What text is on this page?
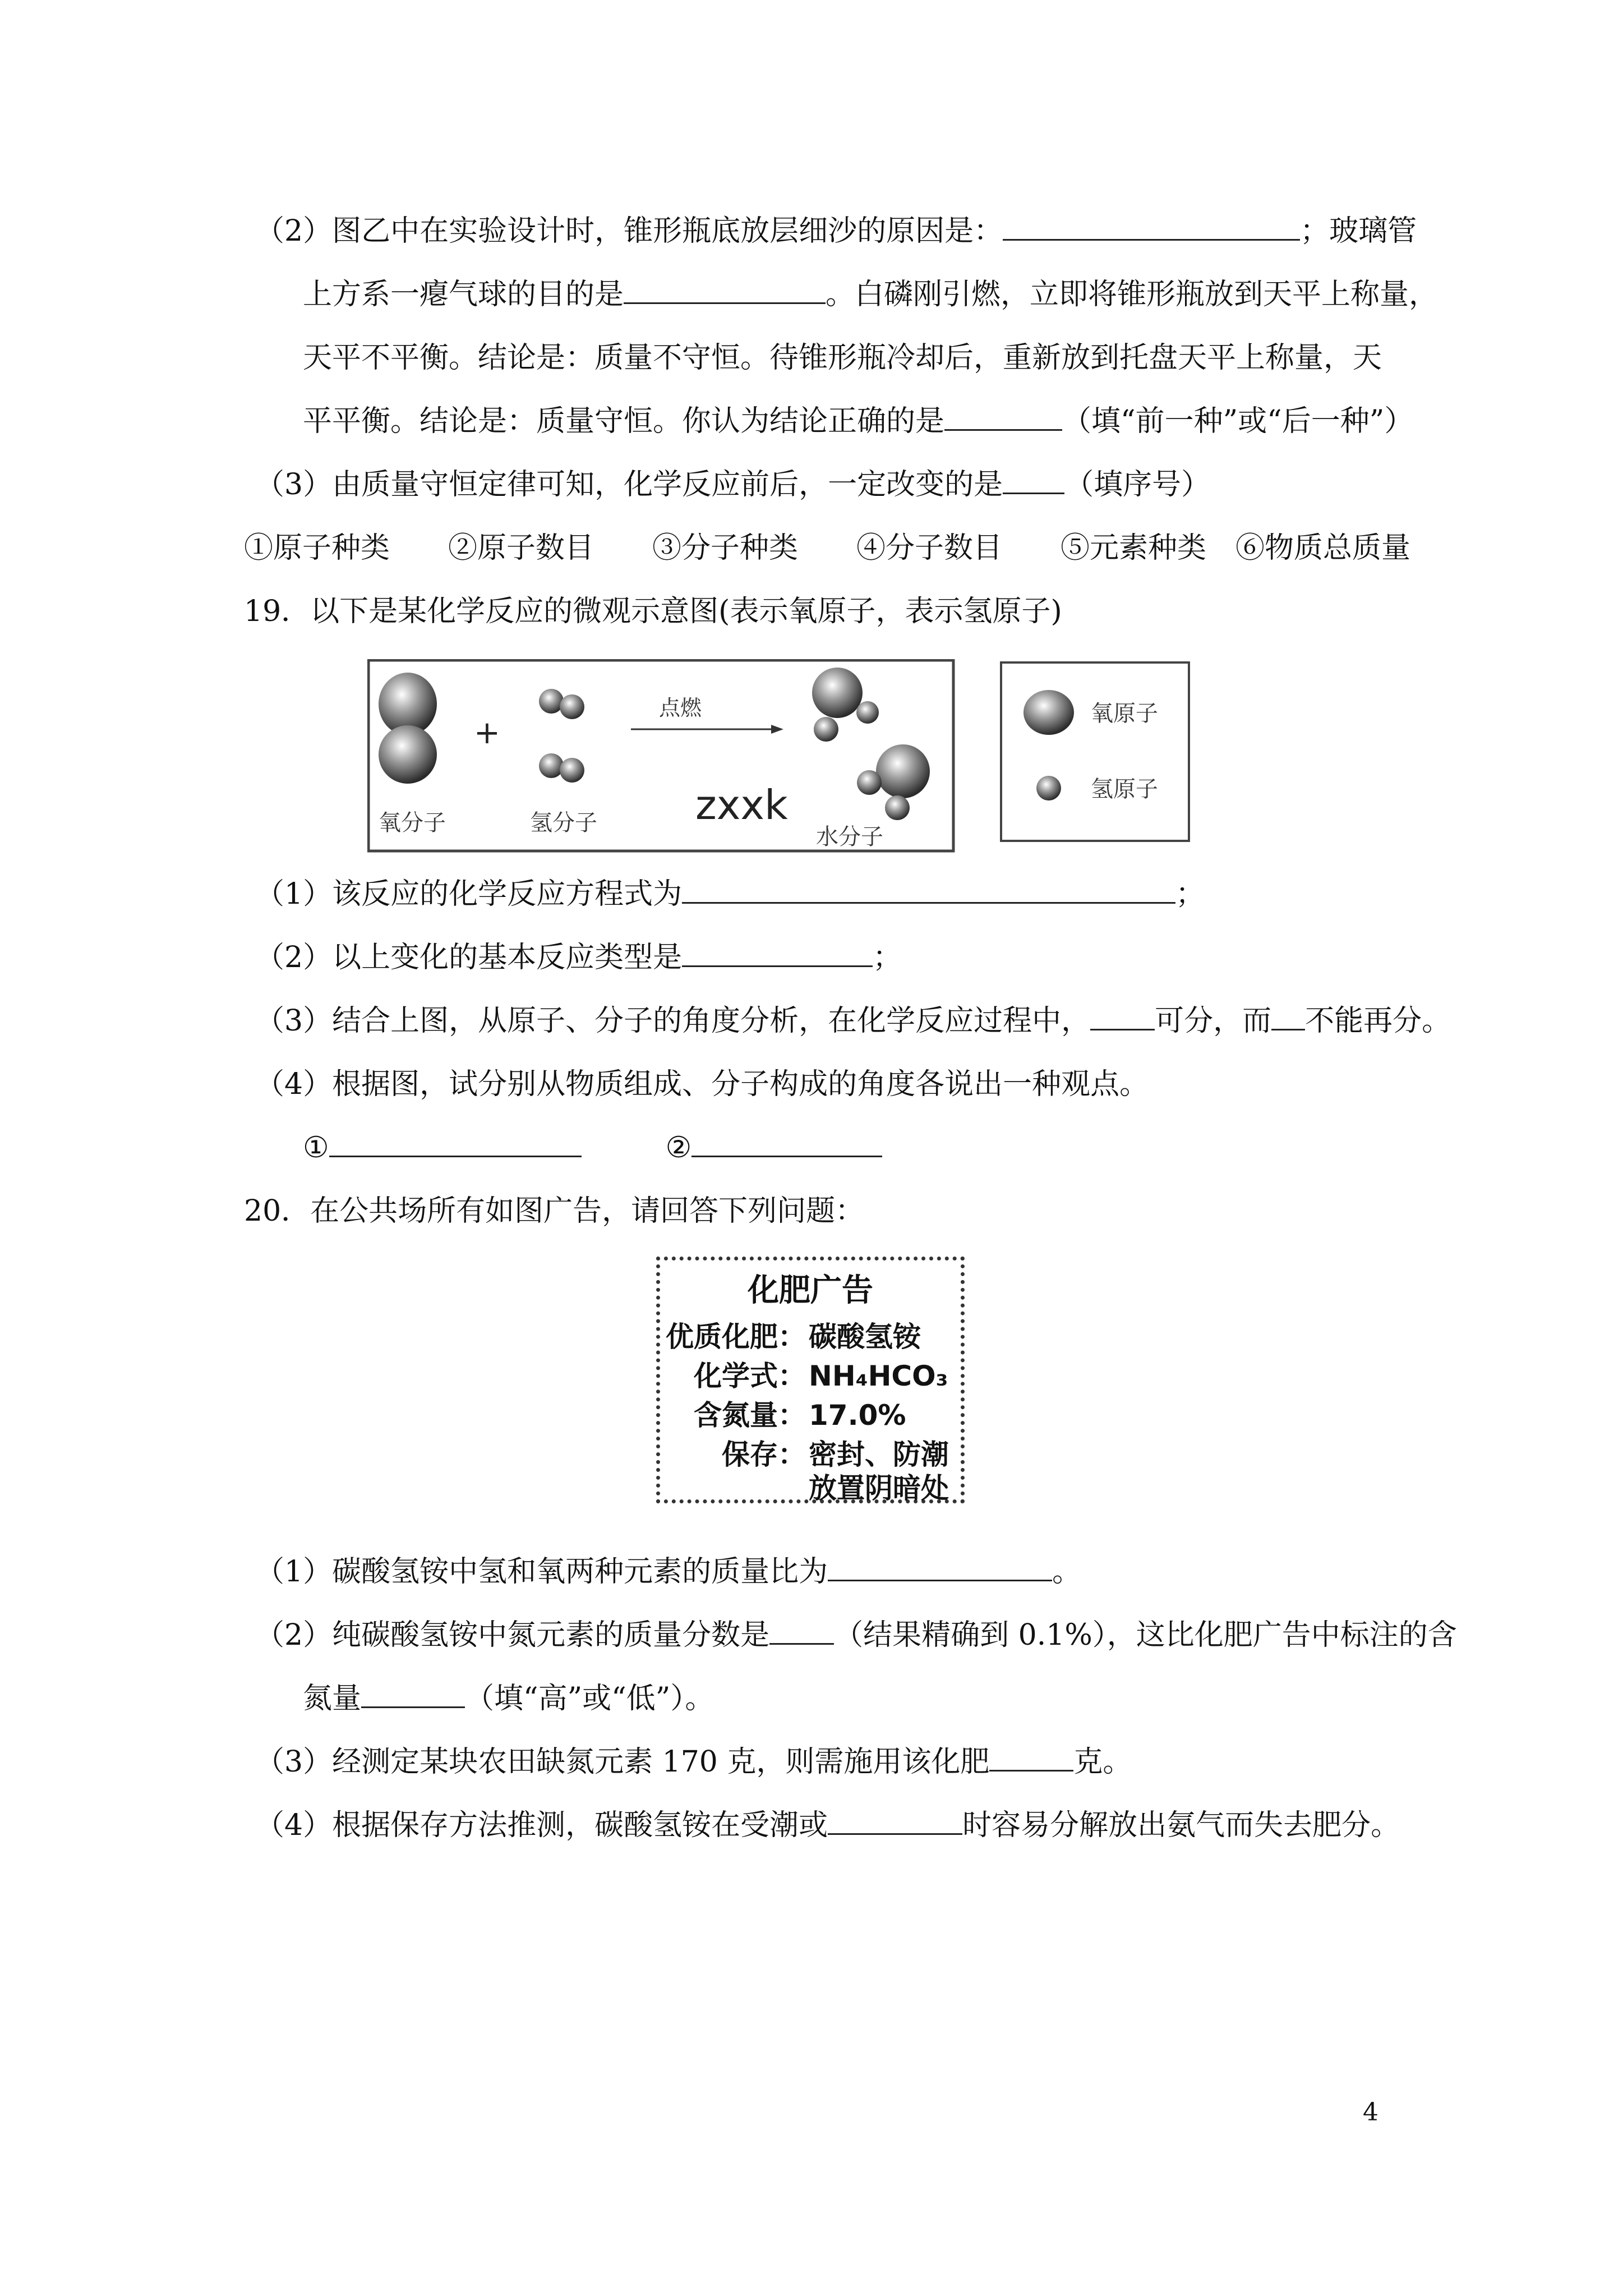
（2）图乙中在实验设计时，锥形瓶底放层细沙的原因是：	；玻璃管
上方系一瘪气球的目的是	。白磷刚引燃，立即将锥形瓶放到天平上称量，
天平不平衡。结论是：质量不守恒。待锥形瓶冷却后，重新放到托盘天平上称量，天
平平衡。结论是：质量守恒。你认为结论正确的是	（填“前一种”或“后一种”）
（3）由质量守恒定律可知，化学反应前后，一定改变的是 （填序号）
①原子种类　　②原子数目　　③分子种类　　④分子数目　　⑤元素种类　⑥物质总质量
19．以下是某化学反应的微观示意图(表示氧原子，表示氢原子)
氧分子
+
氢分子
点燃
zxxk
水分子
氧原子
氢原子
（1）该反应的化学反应方程式为	；
（2）以上变化的基本反应类型是	；
（3）结合上图，从原子、分子的角度分析，在化学反应过程中， 可分，而 不能再分。
（4）根据图，试分别从物质组成、分子构成的角度各说出一种观点。
①	②
20．在公共场所有如图广告，请回答下列问题：
化肥广告
优质化肥： 碳酸氢铵
化学式： NH₄HCO₃
含氮量： 17.0%
保存： 密封、防潮
放置阴暗处
（1）碳酸氢铵中氢和氧两种元素的质量比为	。
（2）纯碳酸氢铵中氮元素的质量分数是 （结果精确到 0.1%），这比化肥广告中标注的含
氮量	（填“高”或“低”）。
（3）经测定某块农田缺氮元素 170 克，则需施用该化肥	克。
（4）根据保存方法推测，碳酸氢铵在受潮或	时容易分解放出氨气而失去肥分。
4
